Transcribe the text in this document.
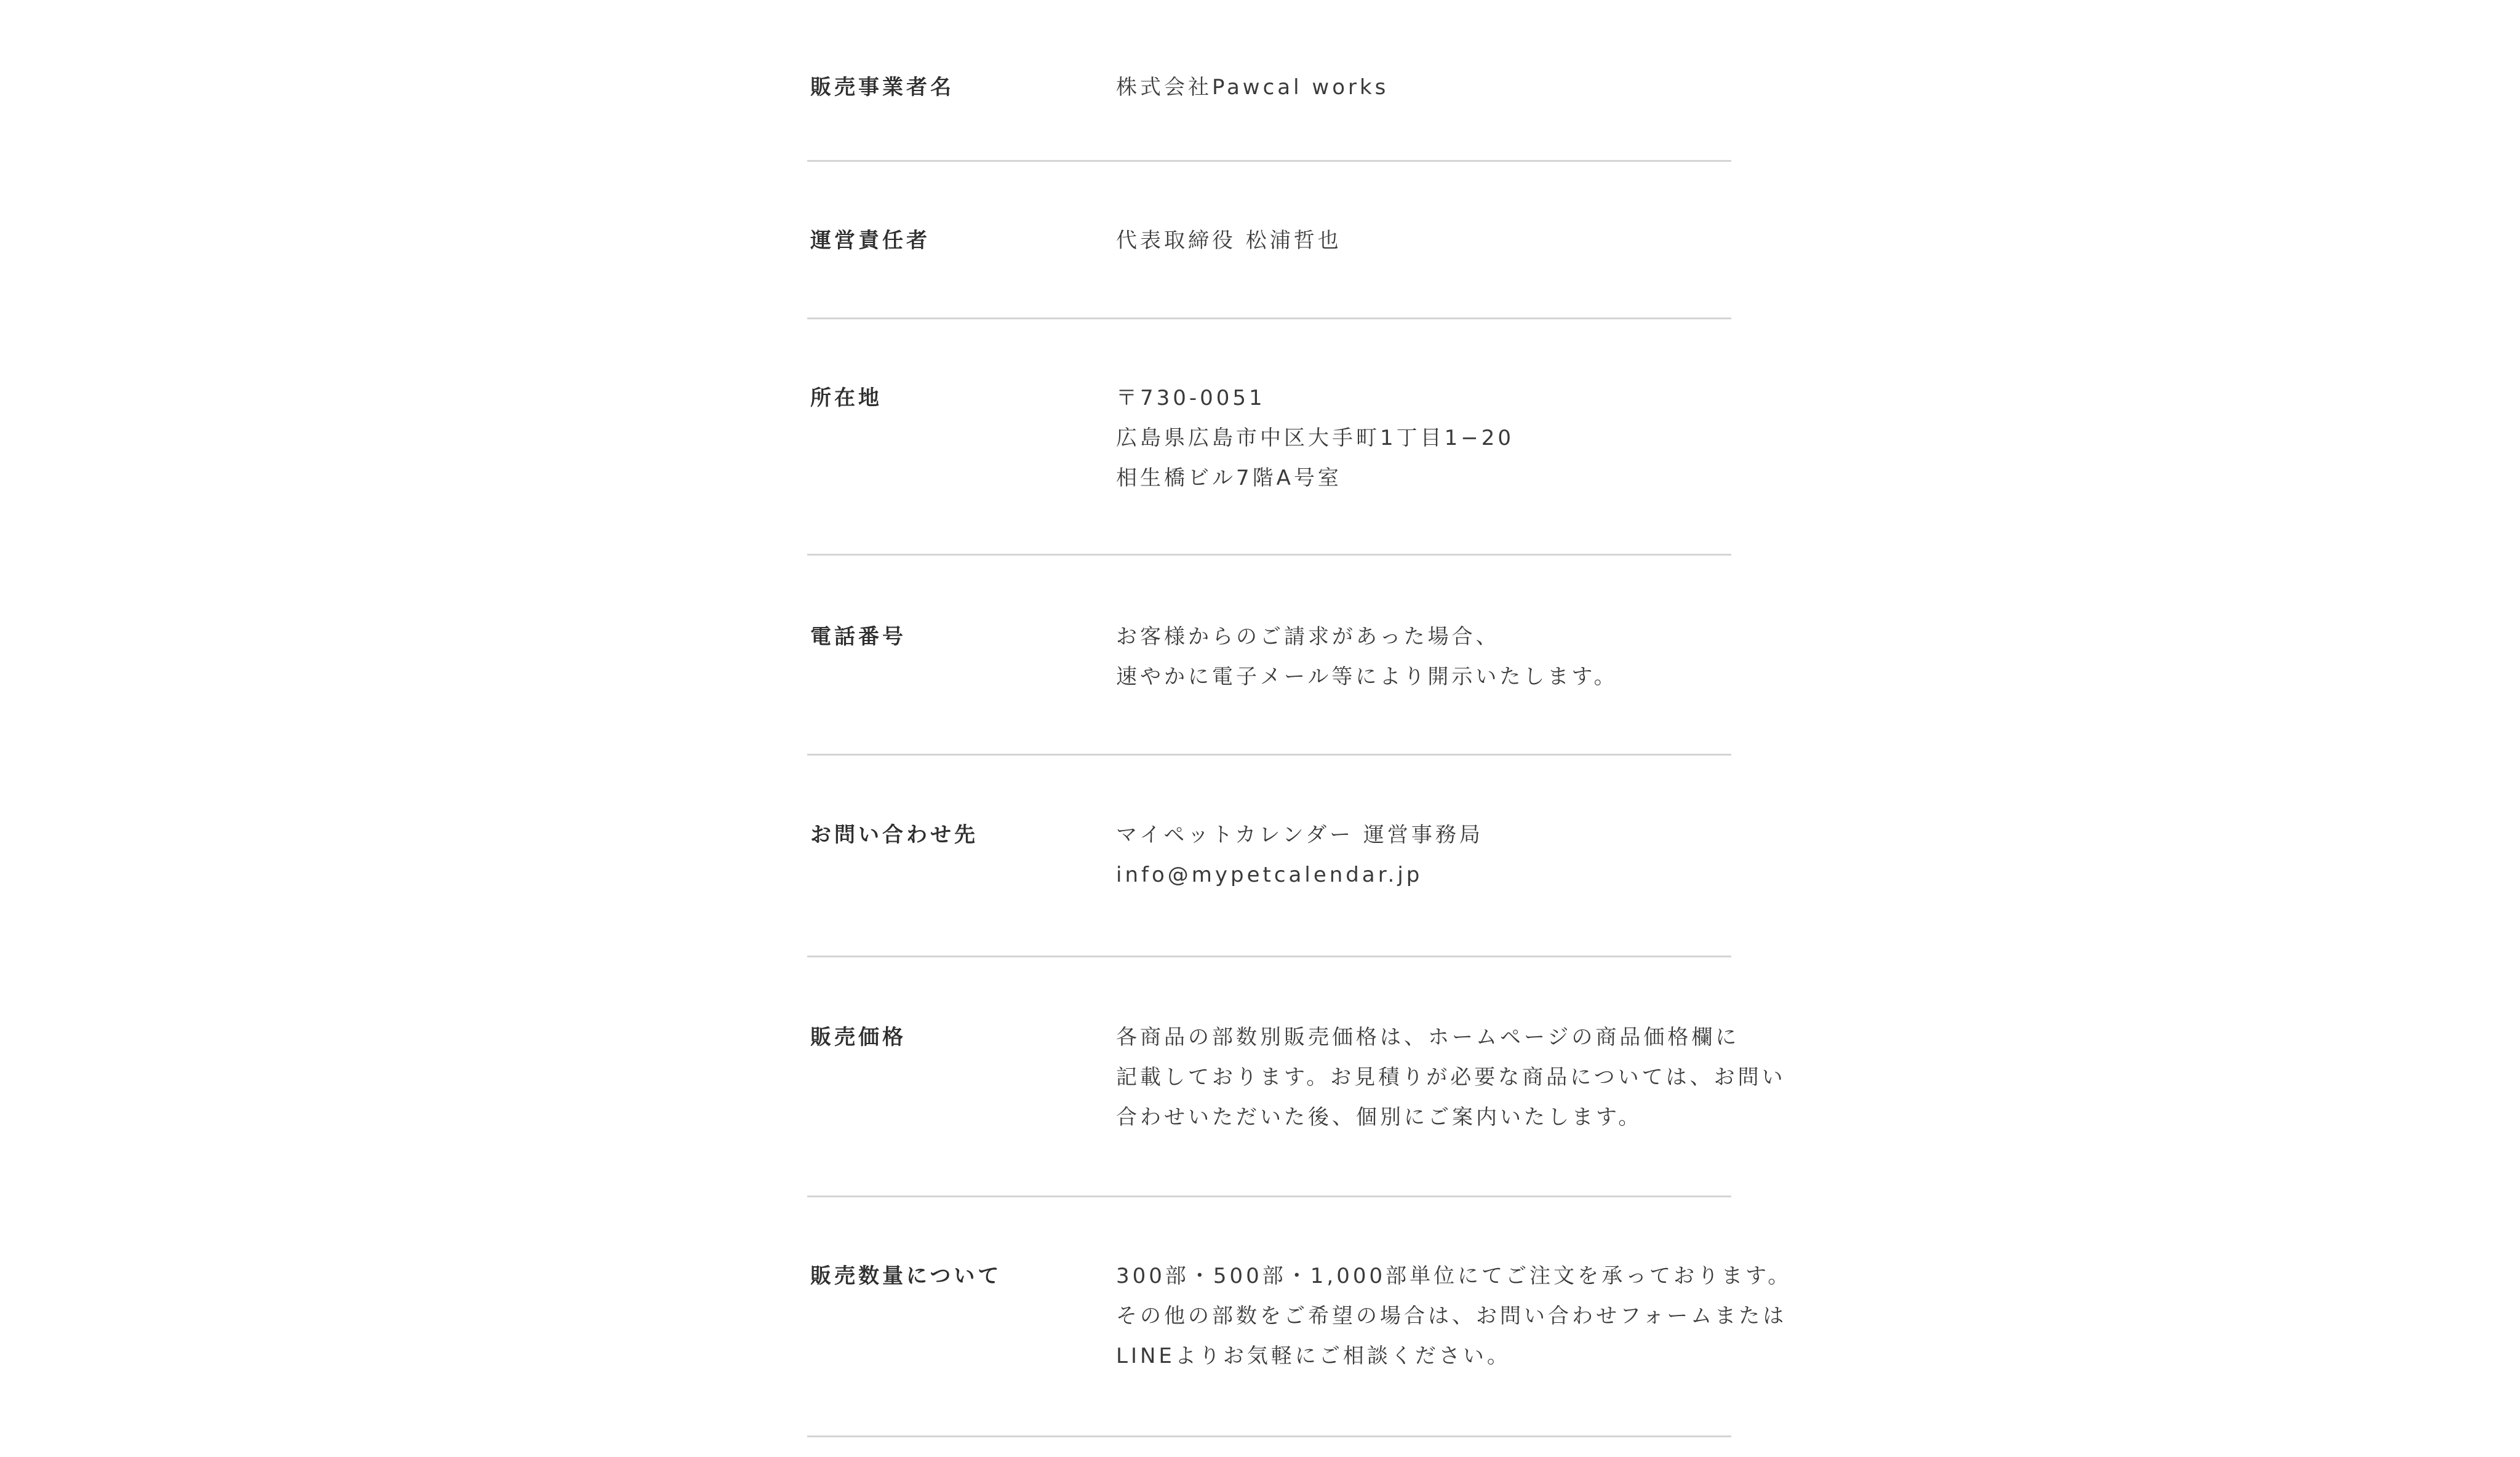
販売事業者名	株式会社Pawcal works
運営責任者	代表取締役 松浦哲也
所在地	〒730-0051
広島県広島市中区大手町1丁目1−20
相生橋ビル7階A号室
電話番号	お客様からのご請求があった場合、
速やかに電子メール等により開示いたします。
お問い合わせ先	マイペットカレンダー 運営事務局
info@mypetcalendar.jp
販売価格	各商品の部数別販売価格は、ホームページの商品価格欄に
記載しております。お見積りが必要な商品については、お問い
合わせいただいた後、個別にご案内いたします。
販売数量について	300部・500部・1,000部単位にてご注文を承っております。
その他の部数をご希望の場合は、お問い合わせフォームまたは
LINEよりお気軽にご相談ください。
